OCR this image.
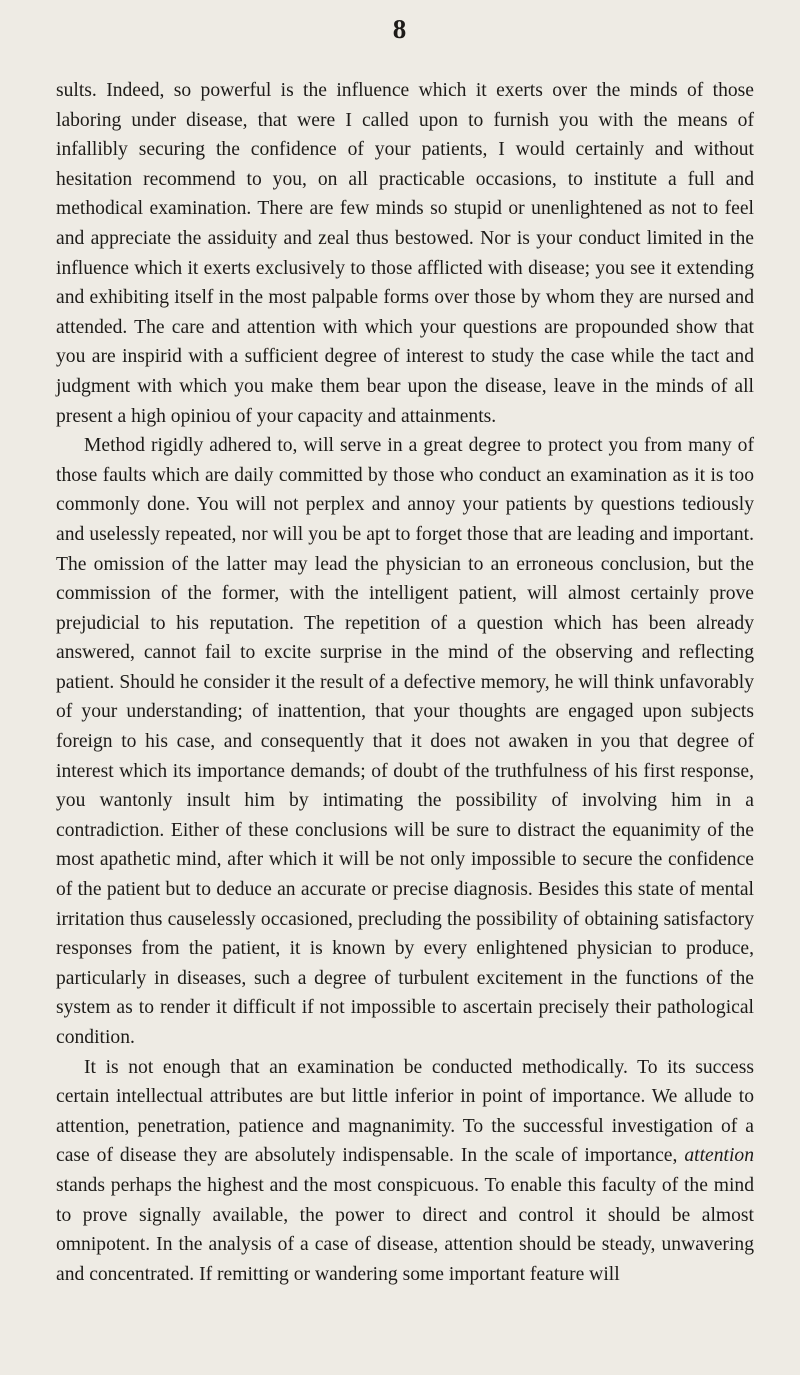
8

sults. Indeed, so powerful is the influence which it exerts over the minds of those laboring under disease, that were I called upon to furnish you with the means of infallibly securing the confidence of your patients, I would certainly and without hesitation recommend to you, on all practicable occasions, to institute a full and methodical examination. There are few minds so stupid or unenlightened as not to feel and appreciate the assiduity and zeal thus bestowed. Nor is your conduct limited in the influence which it exerts exclusively to those afflicted with disease; you see it extending and exhibiting itself in the most palpable forms over those by whom they are nursed and attended. The care and attention with which your questions are propounded show that you are inspirid with a sufficient degree of interest to study the case while the tact and judgment with which you make them bear upon the disease, leave in the minds of all present a high opiniou of your capacity and attainments.

Method rigidly adhered to, will serve in a great degree to protect you from many of those faults which are daily committed by those who conduct an examination as it is too commonly done. You will not perplex and annoy your patients by questions tediously and uselessly repeated, nor will you be apt to forget those that are leading and important. The omission of the latter may lead the physician to an erroneous conclusion, but the commission of the former, with the intelligent patient, will almost certainly prove prejudicial to his reputation. The repetition of a question which has been already answered, cannot fail to excite surprise in the mind of the observing and reflecting patient. Should he consider it the result of a defective memory, he will think unfavorably of your understanding; of inattention, that your thoughts are engaged upon subjects foreign to his case, and consequently that it does not awaken in you that degree of interest which its importance demands; of doubt of the truthfulness of his first response, you wantonly insult him by intimating the possibility of involving him in a contradiction. Either of these conclusions will be sure to distract the equanimity of the most apathetic mind, after which it will be not only impossible to secure the confidence of the patient but to deduce an accurate or precise diagnosis. Besides this state of mental irritation thus causelessly occasioned, precluding the possibility of obtaining satisfactory responses from the patient, it is known by every enlightened physician to produce, particularly in diseases, such a degree of turbulent excitement in the functions of the system as to render it difficult if not impossible to ascertain precisely their pathological condition.

It is not enough that an examination be conducted methodically. To its success certain intellectual attributes are but little inferior in point of importance. We allude to attention, penetration, patience and magnanimity. To the successful investigation of a case of disease they are absolutely indispensable. In the scale of importance, attention stands perhaps the highest and the most conspicuous. To enable this faculty of the mind to prove signally available, the power to direct and control it should be almost omnipotent. In the analysis of a case of disease, attention should be steady, unwavering and concentrated. If remitting or wandering some important feature will
